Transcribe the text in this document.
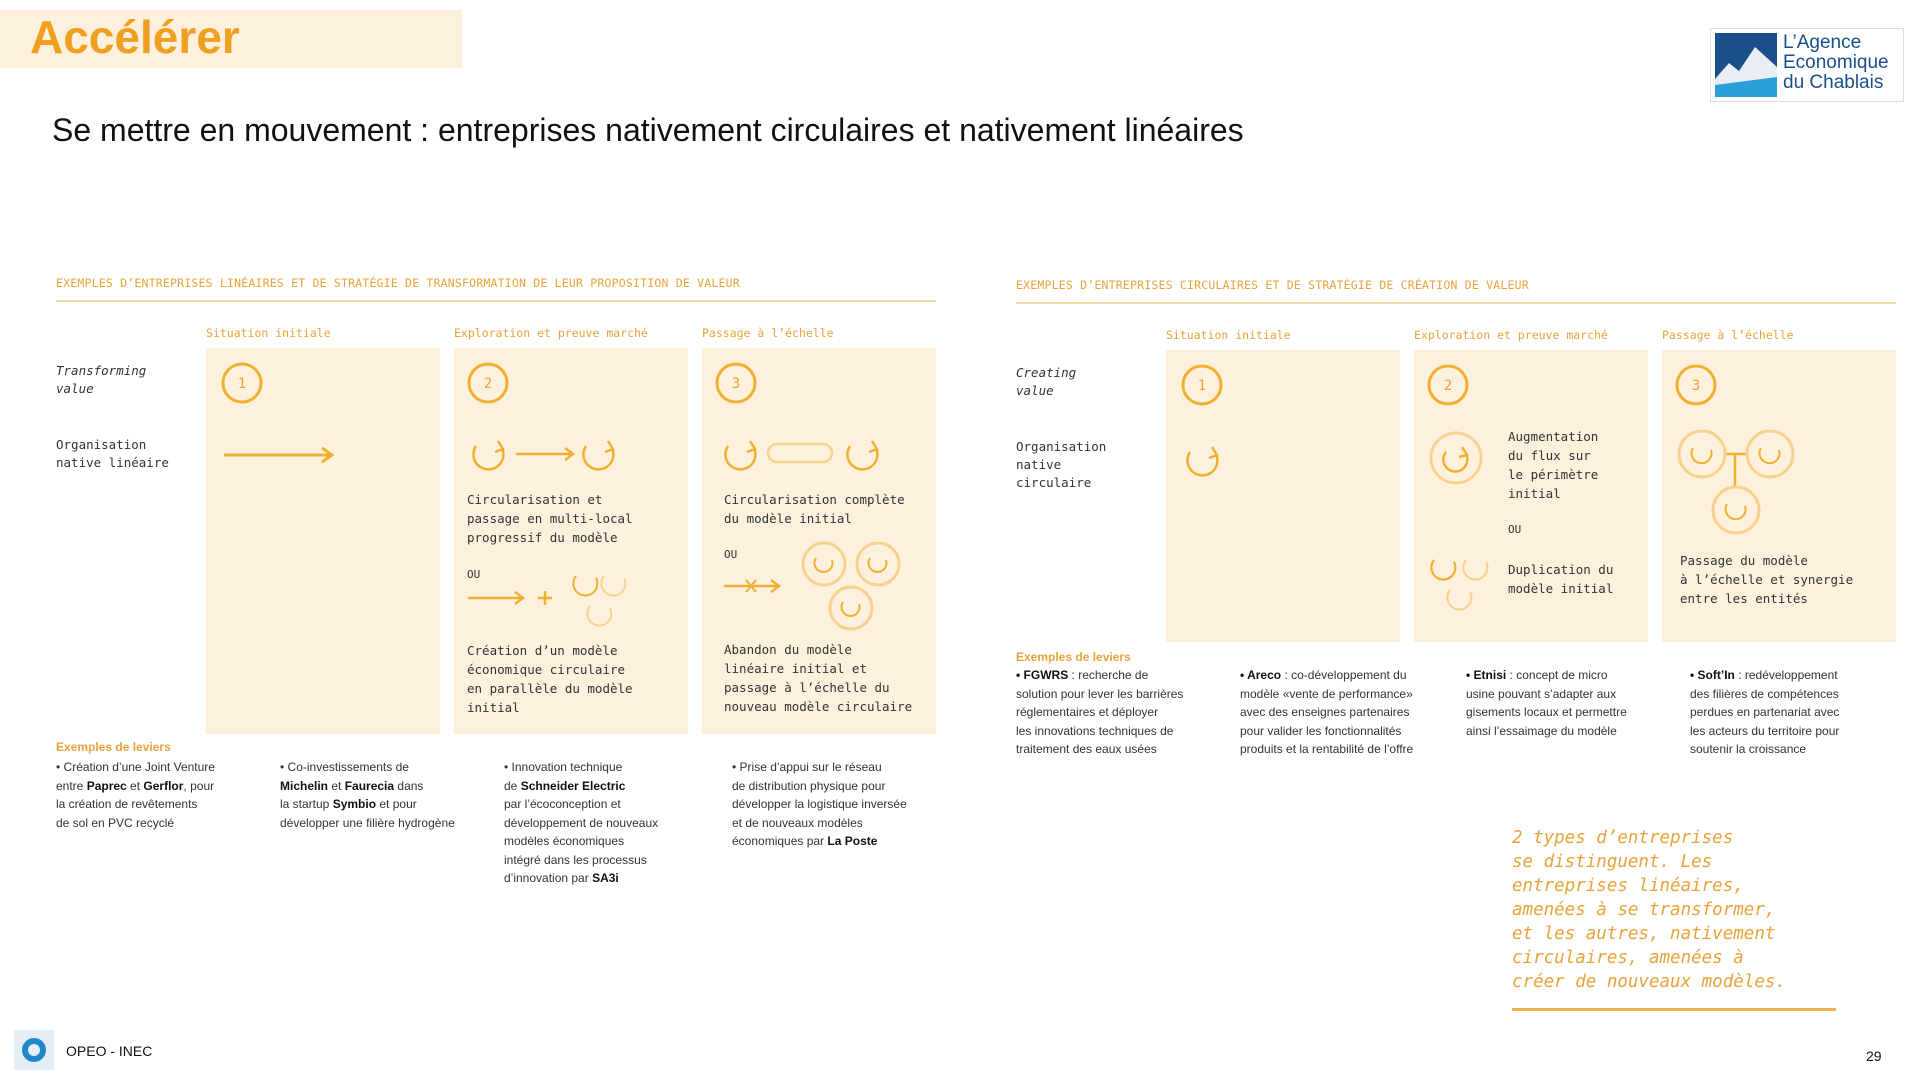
Accélérer
Se mettre en mouvement : entreprises nativement circulaires et nativement linéaires
L’Agence
Economique
du Chablais
EXEMPLES D’ENTREPRISES LINÉAIRES ET DE STRATÉGIE DE TRANSFORMATION DE LEUR PROPOSITION DE VALEUR
Situation initiale	Exploration et preuve marché	Passage à l’échelle
Transforming
value
Organisation
native linéaire
1	2	3
Circularisation et
passage en multi-local
progressif du modèle
OU
Création d’un modèle
économique circulaire
en parallèle du modèle
initial
Circularisation complète
du modèle initial
OU
Abandon du modèle
linéaire initial et
passage à l’échelle du
nouveau modèle circulaire
Exemples de leviers
• Création d’une Joint Venture
entre Paprec et Gerflor, pour
la création de revêtements
de sol en PVC recyclé
• Co-investissements de
Michelin et Faurecia dans
la startup Symbio et pour
développer une filière hydrogène
• Innovation technique
de Schneider Electric
par l’écoconception et
développement de nouveaux
modèles économiques
intégré dans les processus
d’innovation par SA3i
• Prise d’appui sur le réseau
de distribution physique pour
développer la logistique inversée
et de nouveaux modèles
économiques par La Poste
EXEMPLES D’ENTREPRISES CIRCULAIRES ET DE STRATÉGIE DE CRÉATION DE VALEUR
Situation initiale	Exploration et preuve marché	Passage à l’échelle
Creating
value
Organisation
native
circulaire
1	2	3
Augmentation
du flux sur
le périmètre
initial
OU
Duplication du
modèle initial
Passage du modèle
à l’échelle et synergie
entre les entités
Exemples de leviers
• FGWRS : recherche de
solution pour lever les barrières
réglementaires et déployer
les innovations techniques de
traitement des eaux usées
• Areco : co-développement du
modèle «vente de performance»
avec des enseignes partenaires
pour valider les fonctionnalités
produits et la rentabilité de l’offre
• Etnisi : concept de micro
usine pouvant s’adapter aux
gisements locaux et permettre
ainsi l’essaimage du modèle
• Soft’In : redéveloppement
des filières de compétences
perdues en partenariat avec
les acteurs du territoire pour
soutenir la croissance
2 types d’entreprises
se distinguent. Les
entreprises linéaires,
amenées à se transformer,
et les autres, nativement
circulaires, amenées à
créer de nouveaux modèles.
OPEO - INEC	29
